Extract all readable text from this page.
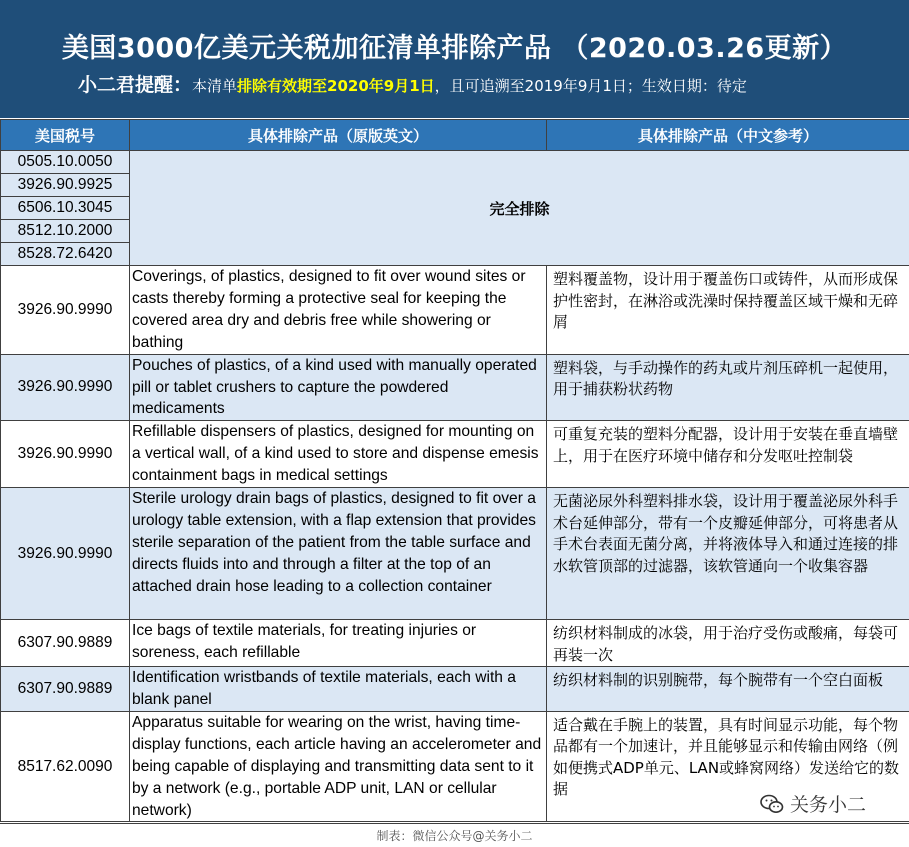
美国3000亿美元关税加征清单排除产品 （2020.03.26更新）
小二君提醒：本清单排除有效期至2020年9月1日，且可追溯至2019年9月1日；生效日期：待定
美国税号	具体排除产品（原版英文）	具体排除产品（中文参考）
0505.10.0050	完全排除	
3926.90.9925		
6506.10.3045		
8512.10.2000		
8528.72.6420		
3926.90.9990	Coverings, of plastics, designed to fit over wound sites or casts thereby forming a protective seal for keeping the covered area dry and debris free while showering or bathing	塑料覆盖物，设计用于覆盖伤口或铸件，从而形成保护性密封，在淋浴或洗澡时保持覆盖区域干燥和无碎屑
3926.90.9990	Pouches of plastics, of a kind used with manually operated pill or tablet crushers to capture the powdered medicaments	塑料袋，与手动操作的药丸或片剂压碎机一起使用，用于捕获粉状药物
3926.90.9990	Refillable dispensers of plastics, designed for mounting on a vertical wall, of a kind used to store and dispense emesis containment bags in medical settings	可重复充装的塑料分配器，设计用于安装在垂直墙壁上，用于在医疗环境中储存和分发呕吐控制袋
3926.90.9990	Sterile urology drain bags of plastics, designed to fit over a urology table extension, with a flap extension that provides sterile separation of the patient from the table surface and directs fluids into and through a filter at the top of an attached drain hose leading to a collection container	无菌泌尿外科塑料排水袋，设计用于覆盖泌尿外科手术台延伸部分，带有一个皮瓣延伸部分，可将患者从手术台表面无菌分离，并将液体导入和通过连接的排水软管顶部的过滤器，该软管通向一个收集容器
6307.90.9889	Ice bags of textile materials, for treating injuries or soreness, each refillable	纺织材料制成的冰袋，用于治疗受伤或酸痛，每袋可再装一次
6307.90.9889	Identification wristbands of textile materials, each with a blank panel	纺织材料制的识别腕带，每个腕带有一个空白面板
8517.62.0090	Apparatus suitable for wearing on the wrist, having time-display functions, each article having an accelerometer and being capable of displaying and transmitting data sent to it by a network (e.g., portable ADP unit, LAN or cellular network)	适合戴在手腕上的装置，具有时间显示功能，每个物品都有一个加速计，并且能够显示和传输由网络（例如便携式ADP单元、LAN或蜂窝网络）发送给它的数据
制表：微信公众号@关务小二
关务小二
